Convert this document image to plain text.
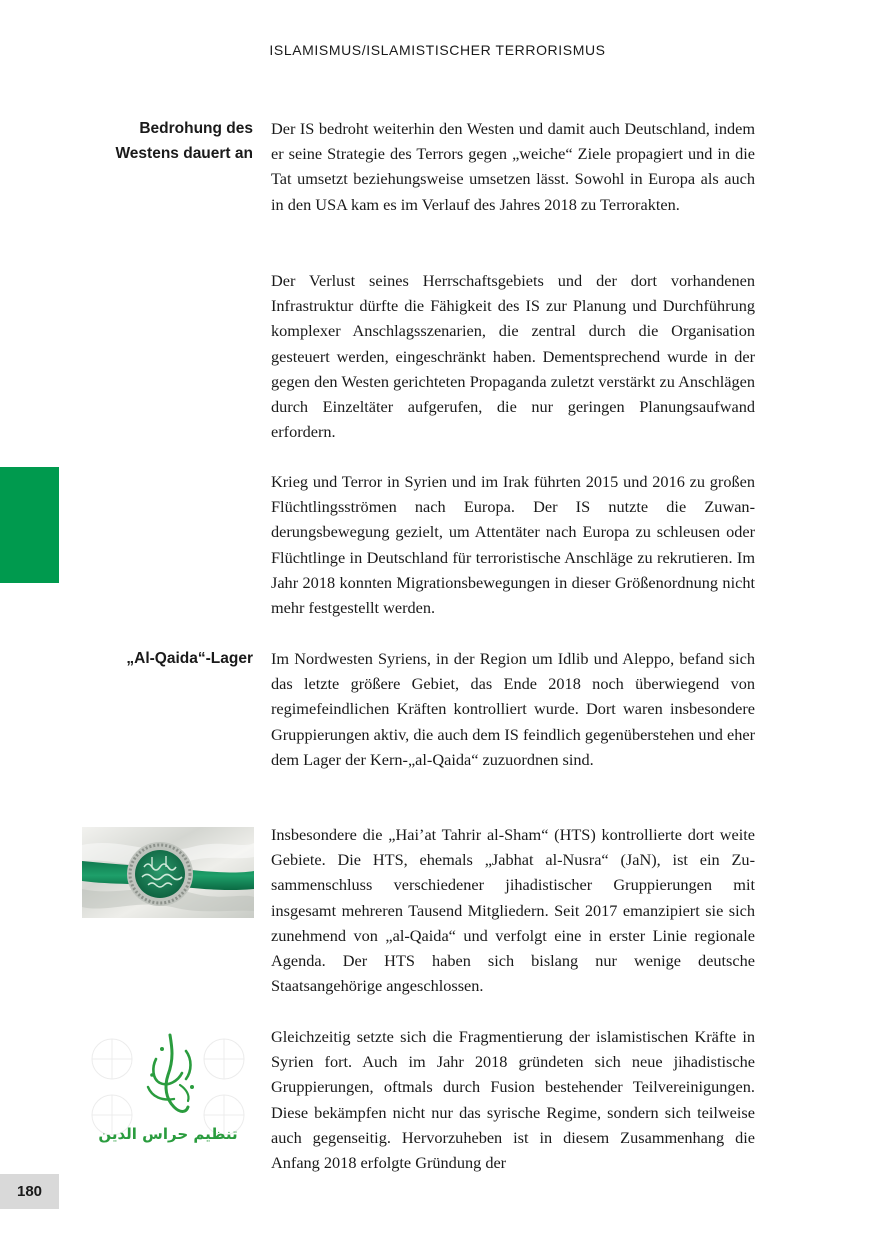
ISLAMISMUS/ISLAMISTISCHER TERRORISMUS
180
Bedrohung des Westens dauert an
„Al-Qaida“-Lager

Der IS bedroht weiterhin den Westen und damit auch Deutschland, indem er seine Strategie des Terrors gegen „weiche“ Ziele propagiert und in die Tat umsetzt beziehungsweise umsetzen lässt. Sowohl in Europa als auch in den USA kam es im Verlauf des Jahres 2018 zu Terrorakten.

Der Verlust seines Herrschaftsgebiets und der dort vorhandenen Infrastruktur dürfte die Fähigkeit des IS zur Planung und Durchführung komplexer Anschlagsszenarien, die zentral durch die Organisation gesteuert werden, eingeschränkt haben. Dementsprechend wurde in der gegen den Westen gerichteten Propaganda zuletzt verstärkt zu Anschlägen durch Einzeltäter aufgerufen, die nur geringen Planungsaufwand erfordern.

Krieg und Terror in Syrien und im Irak führten 2015 und 2016 zu großen Flüchtlingsströmen nach Europa. Der IS nutzte die Zuwanderungsbewegung gezielt, um Attentäter nach Europa zu schleusen oder Flüchtlinge in Deutschland für terroristische Anschläge zu rekrutieren. Im Jahr 2018 konnten Migrationsbewegungen in dieser Größenordnung nicht mehr festgestellt werden.

Im Nordwesten Syriens, in der Region um Idlib und Aleppo, befand sich das letzte größere Gebiet, das Ende 2018 noch überwiegend von regimefeindlichen Kräften kontrolliert wurde. Dort waren insbesondere Gruppierungen aktiv, die auch dem IS feindlich gegenüberstehen und eher dem Lager der Kern-„al-Qaida“ zuzuordnen sind.

Insbesondere die „Hai’at Tahrir al-Sham“ (HTS) kontrollierte dort weite Gebiete. Die HTS, ehemals „Jabhat al-Nusra“ (JaN), ist ein Zusammenschluss verschiedener jihadistischer Gruppierungen mit insgesamt mehreren Tausend Mitgliedern. Seit 2017 emanzipiert sie sich zunehmend von „al-Qaida“ und verfolgt eine in erster Linie regionale Agenda. Der HTS haben sich bislang nur wenige deutsche Staatsangehörige angeschlossen.

Gleichzeitig setzte sich die Fragmentierung der islamistischen Kräfte in Syrien fort. Auch im Jahr 2018 gründeten sich neue jihadistische Gruppierungen, oftmals durch Fusion bestehender Teilvereinigungen. Diese bekämpfen nicht nur das syrische Regime, sondern sich teilweise auch gegenseitig. Hervorzuheben ist in diesem Zusammenhang die Anfang 2018 erfolgte Gründung der

تنظيم حراس الدين
